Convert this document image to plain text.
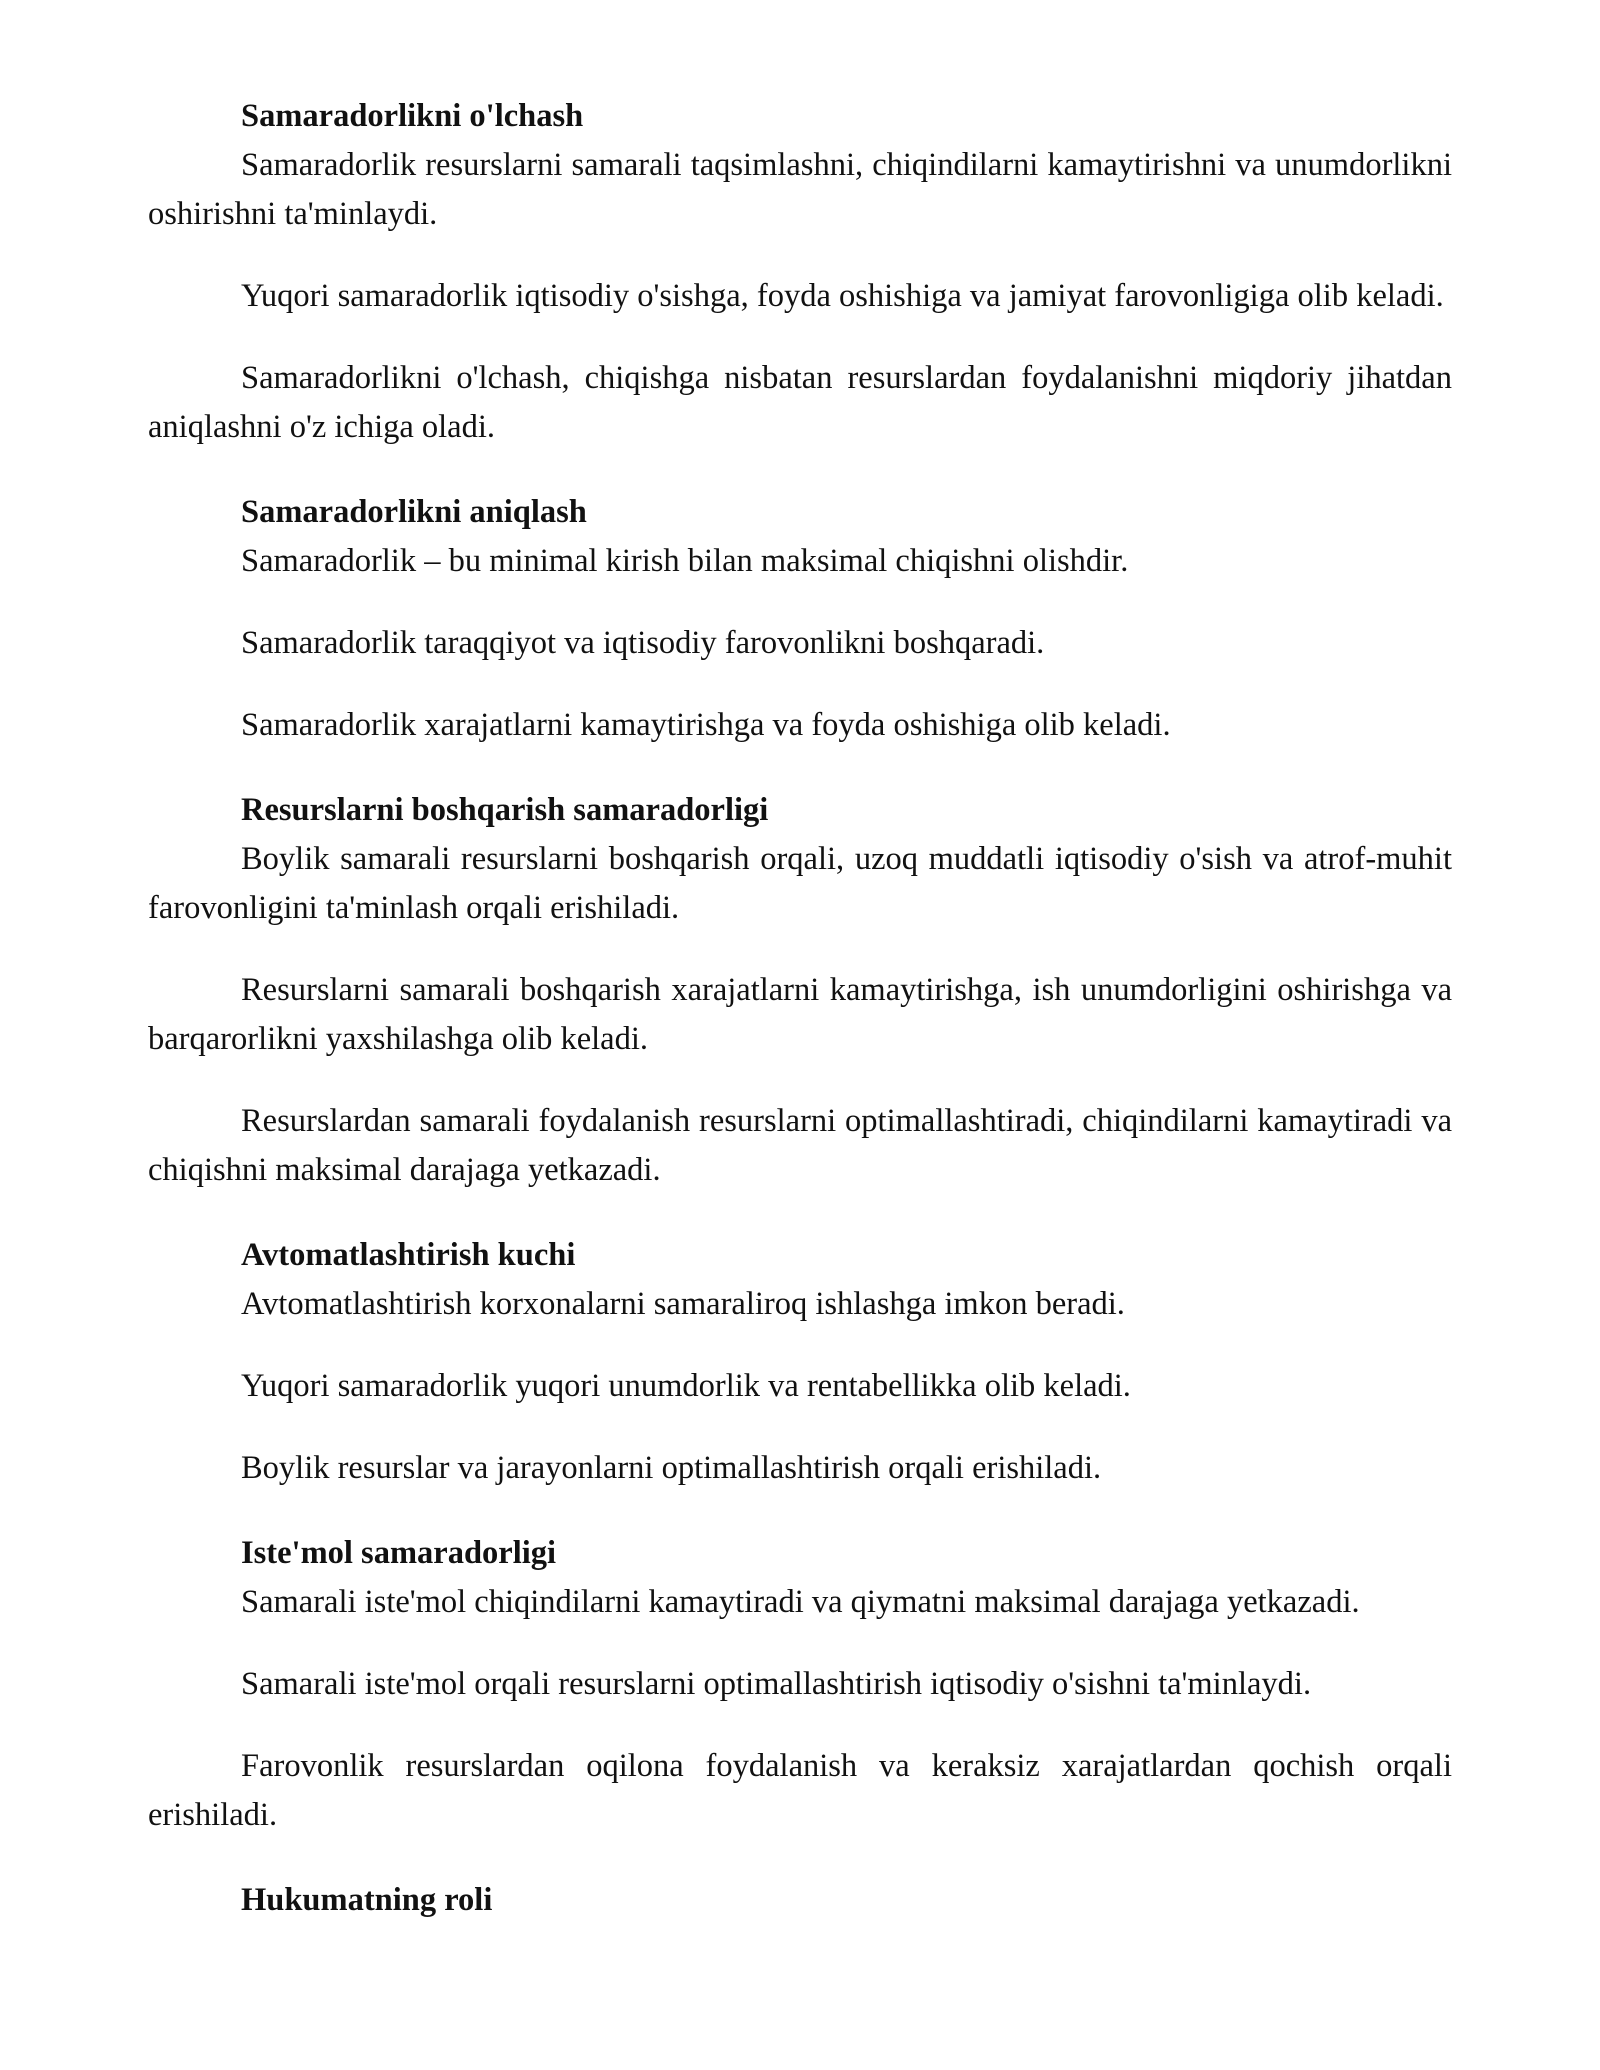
Samaradorlikni o'lchash

Samaradorlik resurslarni samarali taqsimlashni, chiqindilarni kamaytirishni va unumdorlikni oshirishni ta'minlaydi.

Yuqori samaradorlik iqtisodiy o'sishga, foyda oshishiga va jamiyat farovonligiga olib keladi.

Samaradorlikni o'lchash, chiqishga nisbatan resurslardan foydalanishni miqdoriy jihatdan aniqlashni o'z ichiga oladi.

Samaradorlikni aniqlash

Samaradorlik – bu minimal kirish bilan maksimal chiqishni olishdir.

Samaradorlik taraqqiyot va iqtisodiy farovonlikni boshqaradi.

Samaradorlik xarajatlarni kamaytirishga va foyda oshishiga olib keladi.

Resurslarni boshqarish samaradorligi

Boylik samarali resurslarni boshqarish orqali, uzoq muddatli iqtisodiy o'sish va atrof-muhit farovonligini ta'minlash orqali erishiladi.

Resurslarni samarali boshqarish xarajatlarni kamaytirishga, ish unumdorligini oshirishga va barqarorlikni yaxshilashga olib keladi.

Resurslardan samarali foydalanish resurslarni optimallashtiradi, chiqindilarni kamaytiradi va chiqishni maksimal darajaga yetkazadi.

Avtomatlashtirish kuchi

Avtomatlashtirish korxonalarni samaraliroq ishlashga imkon beradi.

Yuqori samaradorlik yuqori unumdorlik va rentabellikka olib keladi.

Boylik resurslar va jarayonlarni optimallashtirish orqali erishiladi.

Iste'mol samaradorligi

Samarali iste'mol chiqindilarni kamaytiradi va qiymatni maksimal darajaga yetkazadi.

Samarali iste'mol orqali resurslarni optimallashtirish iqtisodiy o'sishni ta'minlaydi.

Farovonlik resurslardan oqilona foydalanish va keraksiz xarajatlardan qochish orqali erishiladi.

Hukumatning roli
